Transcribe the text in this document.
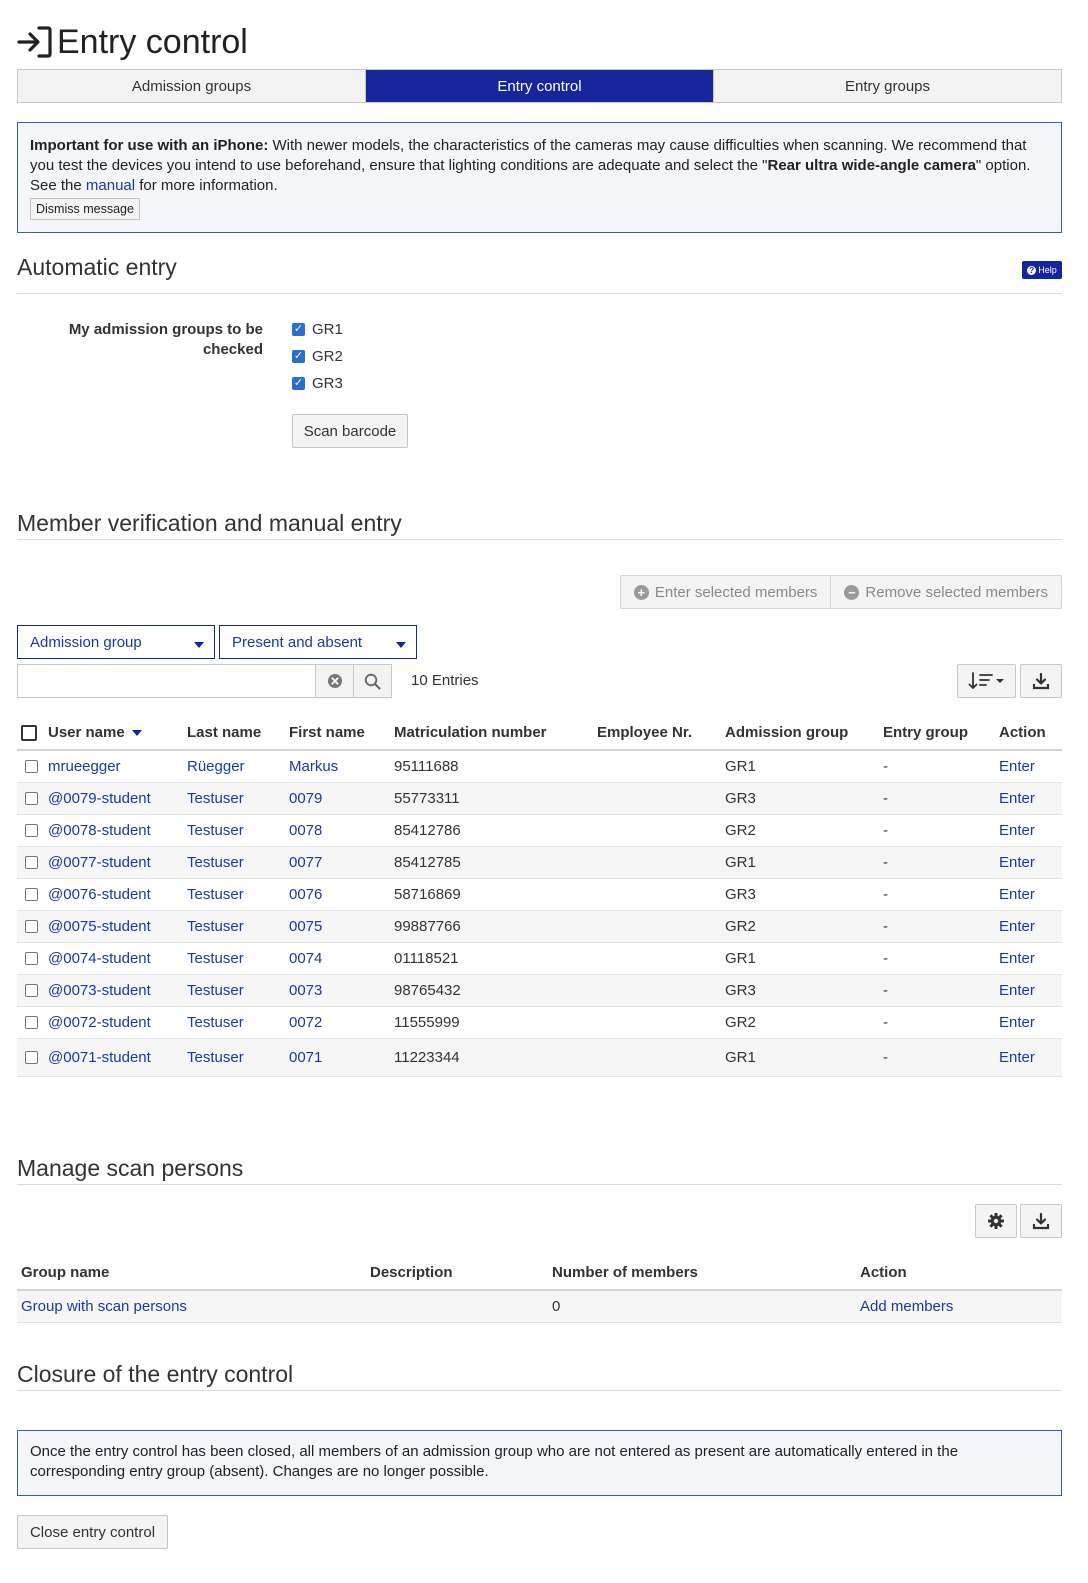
Entry control
Admission groups	Entry control	Entry groups
Important for use with an iPhone: With newer models, the characteristics of the cameras may cause difficulties when scanning. We recommend that you test the devices you intend to use beforehand, ensure that lighting conditions are adequate and select the "Rear ultra wide-angle camera" option.
See the manual for more information.
Dismiss message
Automatic entry	? Help
My admission groups to be checked
✓ GR1
✓ GR2
✓ GR3
Scan barcode
Member verification and manual entry
+ Enter selected members − Remove selected members
Admission group	Present and absent
10 Entries
	User name	Last name	First name	Matriculation number	Employee Nr.	Admission group	Entry group	Action
	mrueegger	Rüegger	Markus	95111688		GR1	-	Enter
	@0079-student	Testuser	0079	55773311		GR3	-	Enter
	@0078-student	Testuser	0078	85412786		GR2	-	Enter
	@0077-student	Testuser	0077	85412785		GR1	-	Enter
	@0076-student	Testuser	0076	58716869		GR3	-	Enter
	@0075-student	Testuser	0075	99887766		GR2	-	Enter
	@0074-student	Testuser	0074	01118521		GR1	-	Enter
	@0073-student	Testuser	0073	98765432		GR3	-	Enter
	@0072-student	Testuser	0072	11555999		GR2	-	Enter
	@0071-student	Testuser	0071	11223344		GR1	-	Enter
Manage scan persons
Group name	Description	Number of members	Action
Group with scan persons		0	Add members
Closure of the entry control
Once the entry control has been closed, all members of an admission group who are not entered as present are automatically entered in the corresponding entry group (absent). Changes are no longer possible.
Close entry control
